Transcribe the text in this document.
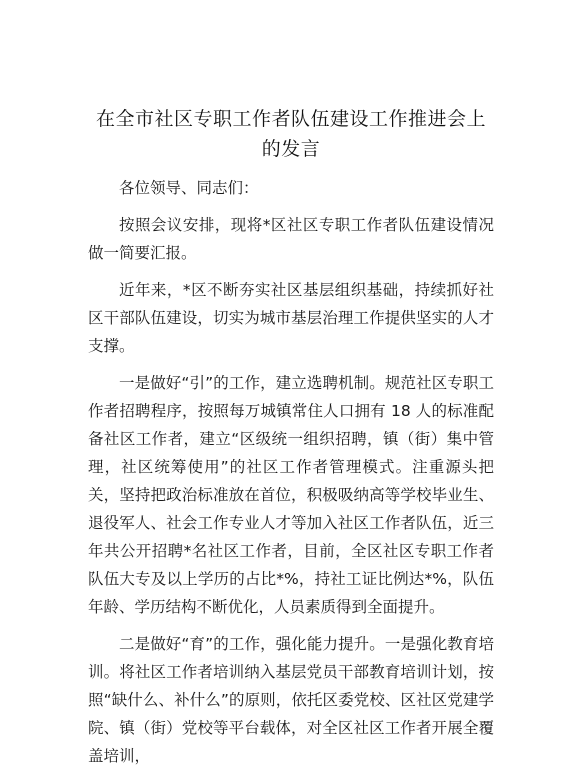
在全市社区专职工作者队伍建设工作推进会上的发言

各位领导、同志们：

按照会议安排，现将*区社区专职工作者队伍建设情况做一简要汇报。

近年来，*区不断夯实社区基层组织基础，持续抓好社区干部队伍建设，切实为城市基层治理工作提供坚实的人才支撑。

一是做好“引”的工作，建立选聘机制。规范社区专职工作者招聘程序，按照每万城镇常住人口拥有 18 人的标准配备社区工作者，建立“区级统一组织招聘，镇（街）集中管理，社区统筹使用”的社区工作者管理模式。注重源头把关，坚持把政治标准放在首位，积极吸纳高等学校毕业生、退役军人、社会工作专业人才等加入社区工作者队伍，近三年共公开招聘*名社区工作者，目前，全区社区专职工作者队伍大专及以上学历的占比*%，持社工证比例达*%，队伍年龄、学历结构不断优化，人员素质得到全面提升。

二是做好“育”的工作，强化能力提升。一是强化教育培训。将社区工作者培训纳入基层党员干部教育培训计划，按照“缺什么、补什么”的原则，依托区委党校、区社区党建学院、镇（街）党校等平台载体，对全区社区工作者开展全覆盖培训，
